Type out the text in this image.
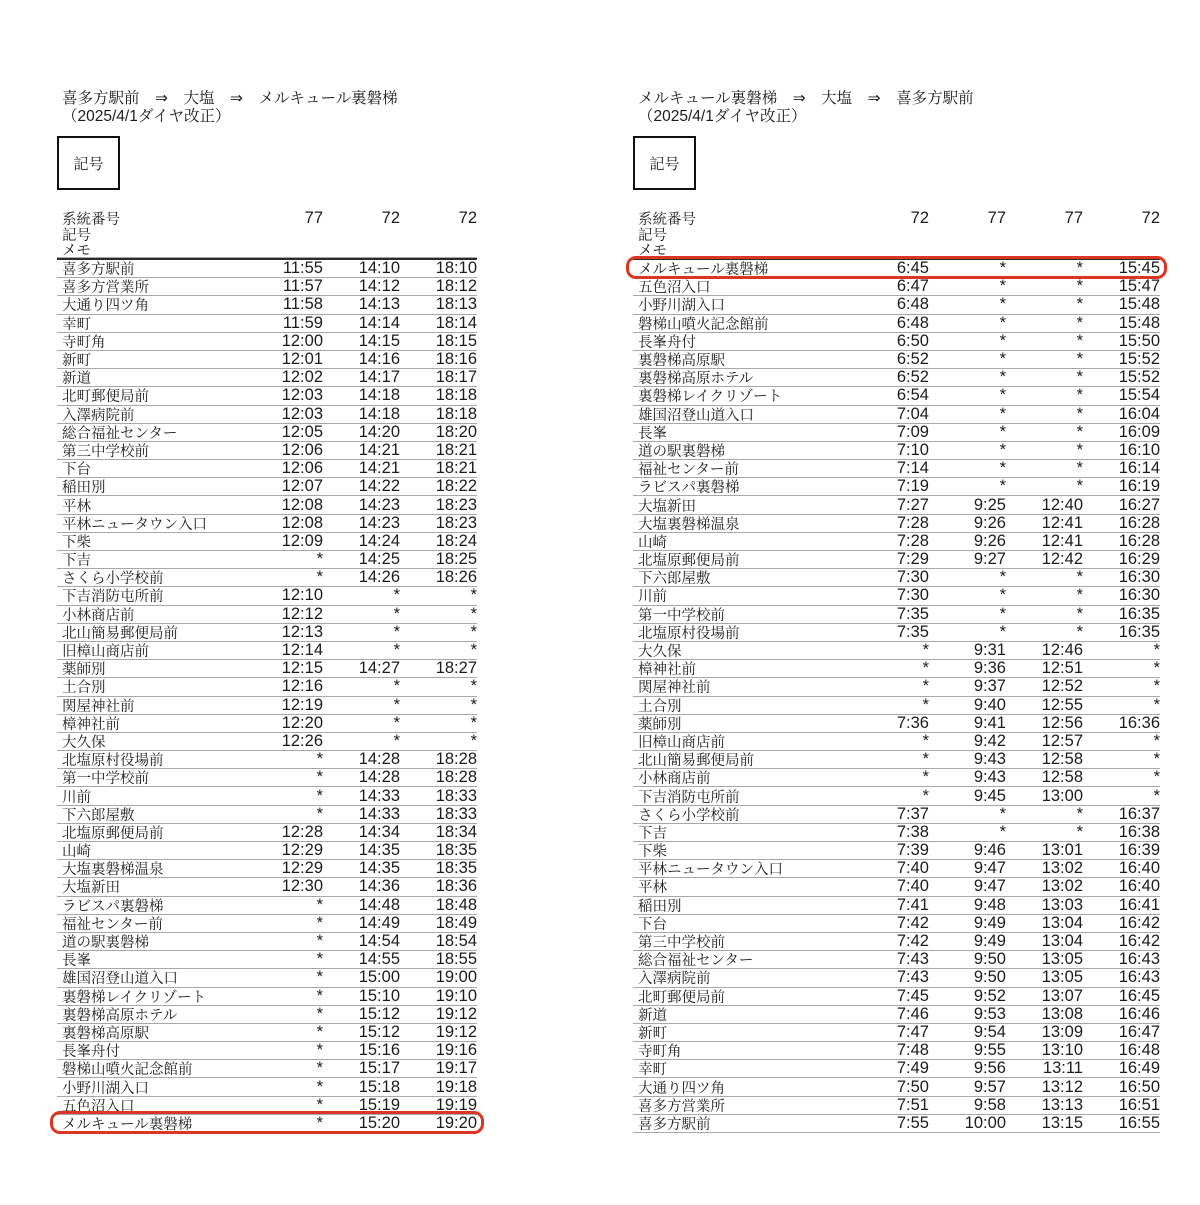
喜多方駅前　⇒　大塩　⇒　メルキュール裏磐梯
（2025/4/1ダイヤ改正）
記号
系統番号	77	72	72
記号
メモ
喜多方駅前	11:55	14:10	18:10
喜多方営業所	11:57	14:12	18:12
大通り四ツ角	11:58	14:13	18:13
幸町	11:59	14:14	18:14
寺町角	12:00	14:15	18:15
新町	12:01	14:16	18:16
新道	12:02	14:17	18:17
北町郵便局前	12:03	14:18	18:18
入澤病院前	12:03	14:18	18:18
総合福祉センター	12:05	14:20	18:20
第三中学校前	12:06	14:21	18:21
下台	12:06	14:21	18:21
稲田別	12:07	14:22	18:22
平林	12:08	14:23	18:23
平林ニュータウン入口	12:08	14:23	18:23
下柴	12:09	14:24	18:24
下吉	*	14:25	18:25
さくら小学校前	*	14:26	18:26
下吉消防屯所前	12:10	*	*
小林商店前	12:12	*	*
北山簡易郵便局前	12:13	*	*
旧樟山商店前	12:14	*	*
薬師別	12:15	14:27	18:27
土合別	12:16	*	*
関屋神社前	12:19	*	*
樟神社前	12:20	*	*
大久保	12:26	*	*
北塩原村役場前	*	14:28	18:28
第一中学校前	*	14:28	18:28
川前	*	14:33	18:33
下六郎屋敷	*	14:33	18:33
北塩原郵便局前	12:28	14:34	18:34
山崎	12:29	14:35	18:35
大塩裏磐梯温泉	12:29	14:35	18:35
大塩新田	12:30	14:36	18:36
ラビスパ裏磐梯	*	14:48	18:48
福祉センター前	*	14:49	18:49
道の駅裏磐梯	*	14:54	18:54
長峯	*	14:55	18:55
雄国沼登山道入口	*	15:00	19:00
裏磐梯レイクリゾート	*	15:10	19:10
裏磐梯高原ホテル	*	15:12	19:12
裏磐梯高原駅	*	15:12	19:12
長峯舟付	*	15:16	19:16
磐梯山噴火記念館前	*	15:17	19:17
小野川湖入口	*	15:18	19:18
五色沼入口	*	15:19	19:19
メルキュール裏磐梯	*	15:20	19:20
メルキュール裏磐梯　⇒　大塩　⇒　喜多方駅前
（2025/4/1ダイヤ改正）
記号
系統番号	72	77	77	72
記号
メモ
メルキュール裏磐梯	6:45	*	*	15:45
五色沼入口	6:47	*	*	15:47
小野川湖入口	6:48	*	*	15:48
磐梯山噴火記念館前	6:48	*	*	15:48
長峯舟付	6:50	*	*	15:50
裏磐梯高原駅	6:52	*	*	15:52
裏磐梯高原ホテル	6:52	*	*	15:52
裏磐梯レイクリゾート	6:54	*	*	15:54
雄国沼登山道入口	7:04	*	*	16:04
長峯	7:09	*	*	16:09
道の駅裏磐梯	7:10	*	*	16:10
福祉センター前	7:14	*	*	16:14
ラビスパ裏磐梯	7:19	*	*	16:19
大塩新田	7:27	9:25	12:40	16:27
大塩裏磐梯温泉	7:28	9:26	12:41	16:28
山崎	7:28	9:26	12:41	16:28
北塩原郵便局前	7:29	9:27	12:42	16:29
下六郎屋敷	7:30	*	*	16:30
川前	7:30	*	*	16:30
第一中学校前	7:35	*	*	16:35
北塩原村役場前	7:35	*	*	16:35
大久保	*	9:31	12:46	*
樟神社前	*	9:36	12:51	*
関屋神社前	*	9:37	12:52	*
土合別	*	9:40	12:55	*
薬師別	7:36	9:41	12:56	16:36
旧樟山商店前	*	9:42	12:57	*
北山簡易郵便局前	*	9:43	12:58	*
小林商店前	*	9:43	12:58	*
下吉消防屯所前	*	9:45	13:00	*
さくら小学校前	7:37	*	*	16:37
下吉	7:38	*	*	16:38
下柴	7:39	9:46	13:01	16:39
平林ニュータウン入口	7:40	9:47	13:02	16:40
平林	7:40	9:47	13:02	16:40
稲田別	7:41	9:48	13:03	16:41
下台	7:42	9:49	13:04	16:42
第三中学校前	7:42	9:49	13:04	16:42
総合福祉センター	7:43	9:50	13:05	16:43
入澤病院前	7:43	9:50	13:05	16:43
北町郵便局前	7:45	9:52	13:07	16:45
新道	7:46	9:53	13:08	16:46
新町	7:47	9:54	13:09	16:47
寺町角	7:48	9:55	13:10	16:48
幸町	7:49	9:56	13:11	16:49
大通り四ツ角	7:50	9:57	13:12	16:50
喜多方営業所	7:51	9:58	13:13	16:51
喜多方駅前	7:55	10:00	13:15	16:55
